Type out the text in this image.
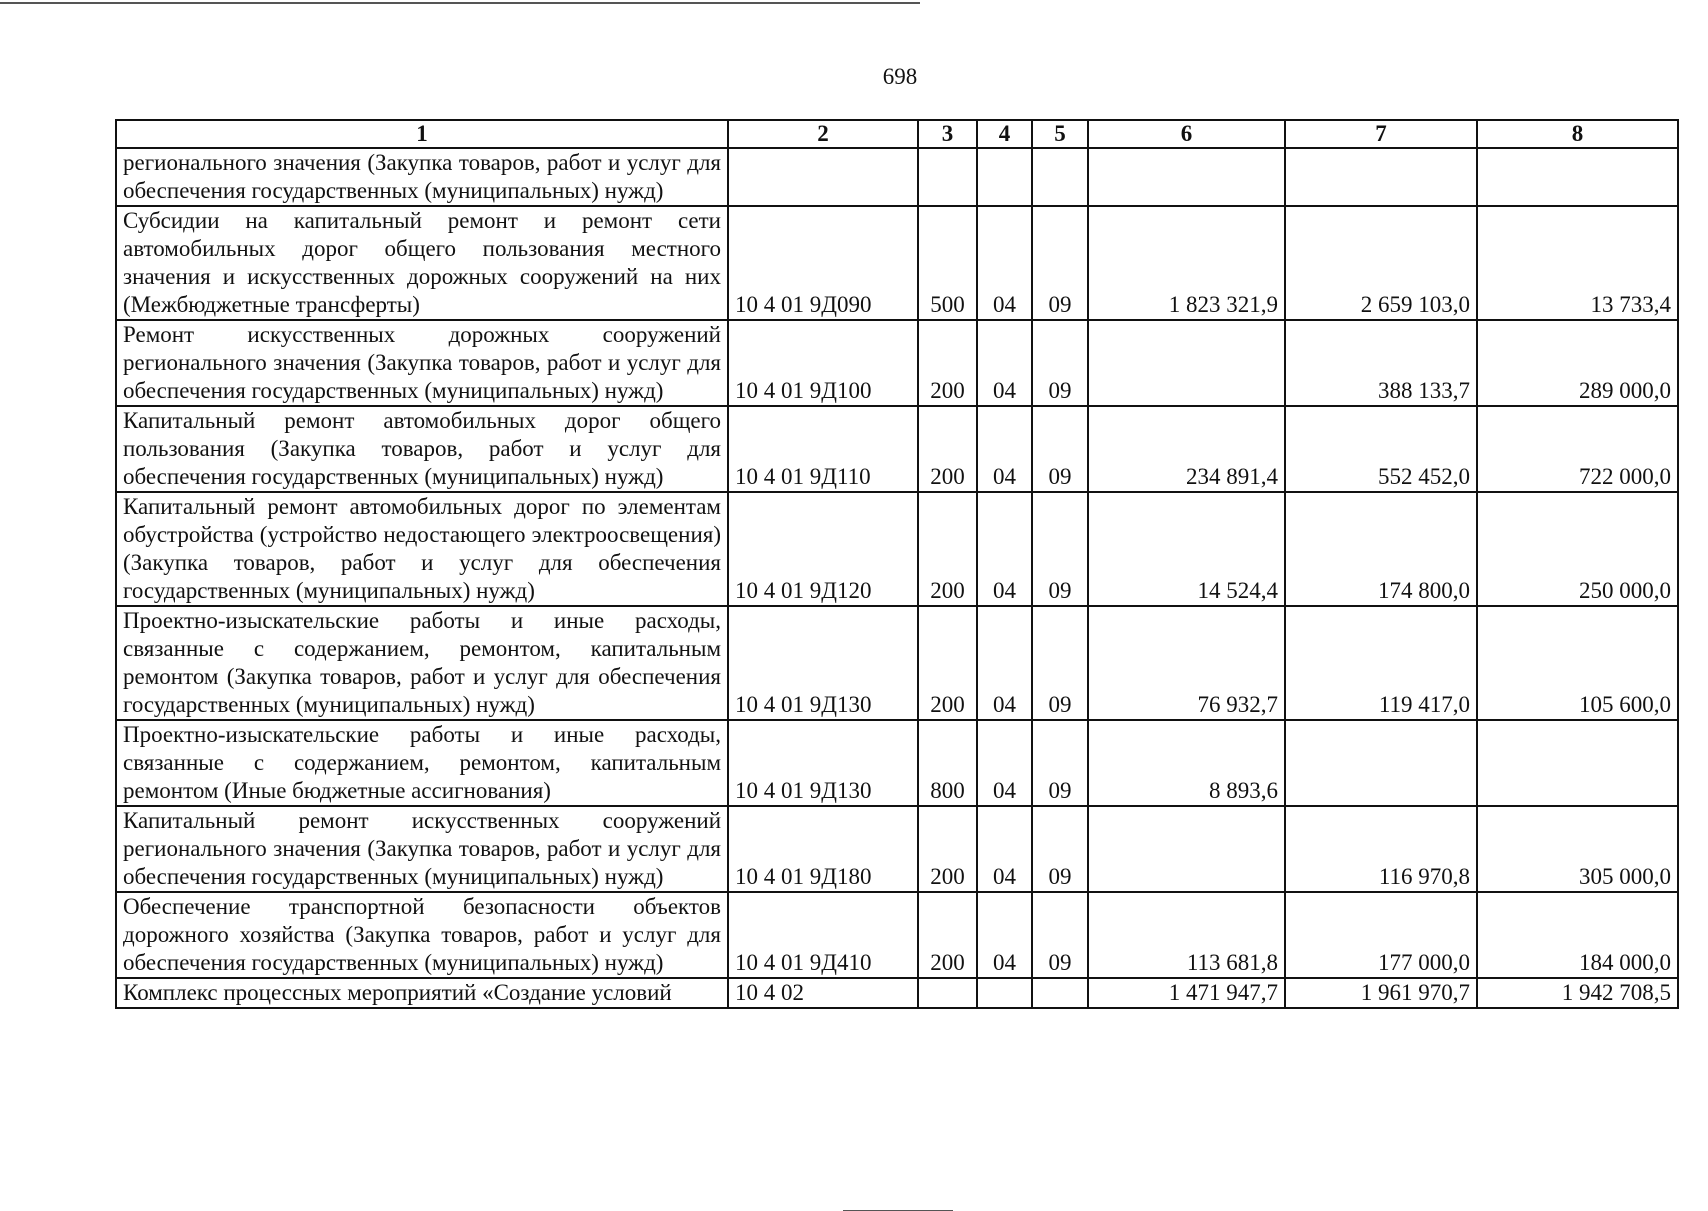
698
1	2	3	4	5	6	7	8
регионального значения (Закупка товаров, работ и услуг для обеспечения государственных (муниципальных) нужд)							
Субсидии на капитальный ремонт и ремонт сети автомобильных дорог общего пользования местного значения и искусственных дорожных сооружений на них (Межбюджетные трансферты)	10 4 01 9Д090	500	04	09	1 823 321,9	2 659 103,0	13 733,4
Ремонт искусственных дорожных сооружений регионального значения (Закупка товаров, работ и услуг для обеспечения государственных (муниципальных) нужд)	10 4 01 9Д100	200	04	09		388 133,7	289 000,0
Капитальный ремонт автомобильных дорог общего пользования (Закупка товаров, работ и услуг для обеспечения государственных (муниципальных) нужд)	10 4 01 9Д110	200	04	09	234 891,4	552 452,0	722 000,0
Капитальный ремонт автомобильных дорог по элементам обустройства (устройство недостающего электроосвещения) (Закупка товаров, работ и услуг для обеспечения государственных (муниципальных) нужд)	10 4 01 9Д120	200	04	09	14 524,4	174 800,0	250 000,0
Проектно-изыскательские работы и иные расходы, связанные с содержанием, ремонтом, капитальным ремонтом (Закупка товаров, работ и услуг для обеспечения государственных (муниципальных) нужд)	10 4 01 9Д130	200	04	09	76 932,7	119 417,0	105 600,0
Проектно-изыскательские работы и иные расходы, связанные с содержанием, ремонтом, капитальным ремонтом (Иные бюджетные ассигнования)	10 4 01 9Д130	800	04	09	8 893,6		
Капитальный ремонт искусственных сооружений регионального значения (Закупка товаров, работ и услуг для обеспечения государственных (муниципальных) нужд)	10 4 01 9Д180	200	04	09		116 970,8	305 000,0
Обеспечение транспортной безопасности объектов дорожного хозяйства (Закупка товаров, работ и услуг для обеспечения государственных (муниципальных) нужд)	10 4 01 9Д410	200	04	09	113 681,8	177 000,0	184 000,0
Комплекс процессных мероприятий «Создание условий	10 4 02				1 471 947,7	1 961 970,7	1 942 708,5
